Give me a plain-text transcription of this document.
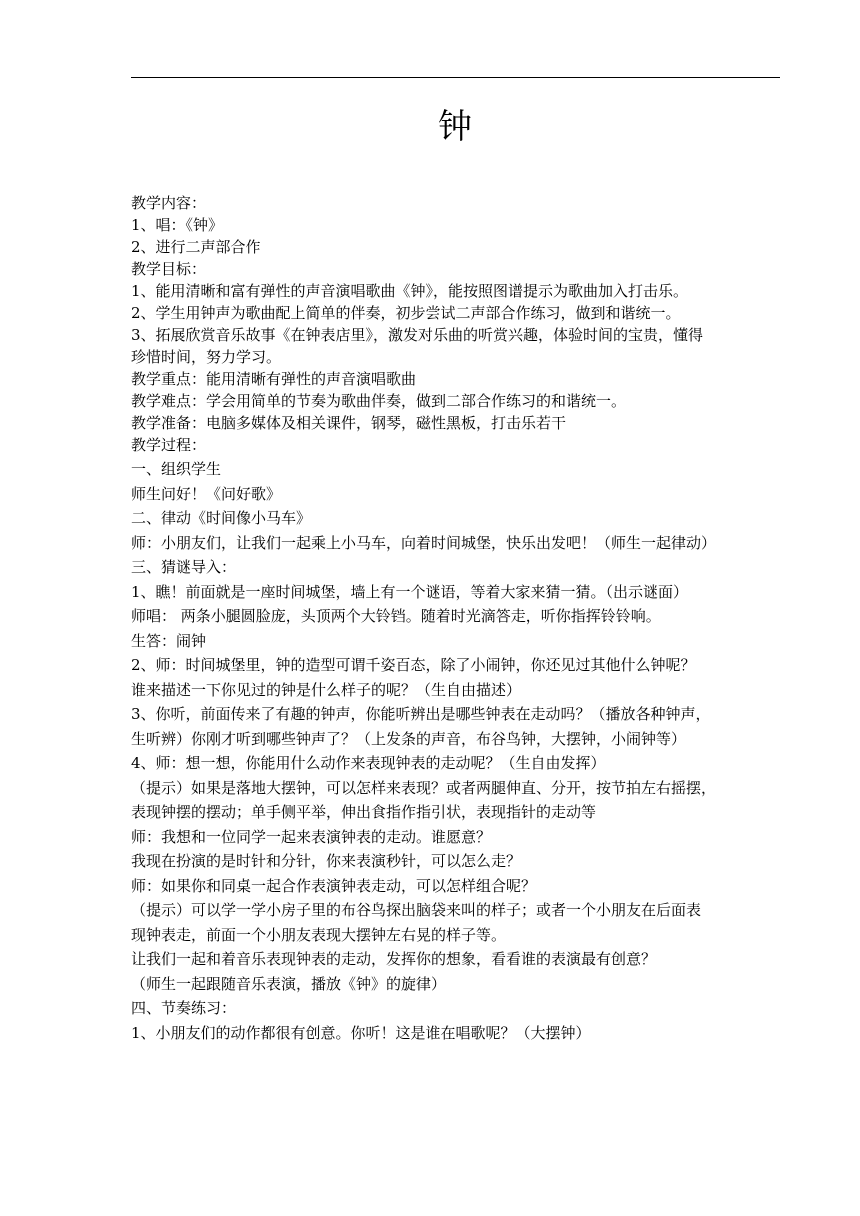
钟
教学内容：
1、唱：《钟》
2、进行二声部合作
教学目标：
1、能用清晰和富有弹性的声音演唱歌曲《钟》，能按照图谱提示为歌曲加入打击乐。
2、学生用钟声为歌曲配上简单的伴奏，初步尝试二声部合作练习，做到和谐统一。
3、拓展欣赏音乐故事《在钟表店里》，激发对乐曲的听赏兴趣，体验时间的宝贵，懂得
珍惜时间，努力学习。
教学重点：能用清晰有弹性的声音演唱歌曲
教学难点：学会用简单的节奏为歌曲伴奏，做到二部合作练习的和谐统一。
教学准备：电脑多媒体及相关课件，钢琴，磁性黑板，打击乐若干
教学过程：
一、组织学生
师生问好！《问好歌》
二、律动《时间像小马车》
师：小朋友们，让我们一起乘上小马车，向着时间城堡，快乐出发吧！（师生一起律动）
三、猜谜导入：
1、瞧！前面就是一座时间城堡，墙上有一个谜语，等着大家来猜一猜。（出示谜面）
师唱： 两条小腿圆脸庞，头顶两个大铃铛。随着时光滴答走，听你指挥铃铃响。
生答：闹钟
2、师：时间城堡里，钟的造型可谓千姿百态，除了小闹钟，你还见过其他什么钟呢？
谁来描述一下你见过的钟是什么样子的呢？（生自由描述）
3、你听，前面传来了有趣的钟声，你能听辨出是哪些钟表在走动吗？（播放各种钟声，
生听辨）你刚才听到哪些钟声了？（上发条的声音，布谷鸟钟，大摆钟，小闹钟等）
4、师：想一想，你能用什么动作来表现钟表的走动呢？（生自由发挥）
（提示）如果是落地大摆钟，可以怎样来表现？或者两腿伸直、分开，按节拍左右摇摆，
表现钟摆的摆动；单手侧平举，伸出食指作指引状，表现指针的走动等
师：我想和一位同学一起来表演钟表的走动。谁愿意？
我现在扮演的是时针和分针，你来表演秒针，可以怎么走？
师：如果你和同桌一起合作表演钟表走动，可以怎样组合呢？
（提示）可以学一学小房子里的布谷鸟探出脑袋来叫的样子；或者一个小朋友在后面表
现钟表走，前面一个小朋友表现大摆钟左右晃的样子等。
让我们一起和着音乐表现钟表的走动，发挥你的想象，看看谁的表演最有创意？
（师生一起跟随音乐表演，播放《钟》的旋律）
四、节奏练习：
1、小朋友们的动作都很有创意。你听！这是谁在唱歌呢？（大摆钟）
